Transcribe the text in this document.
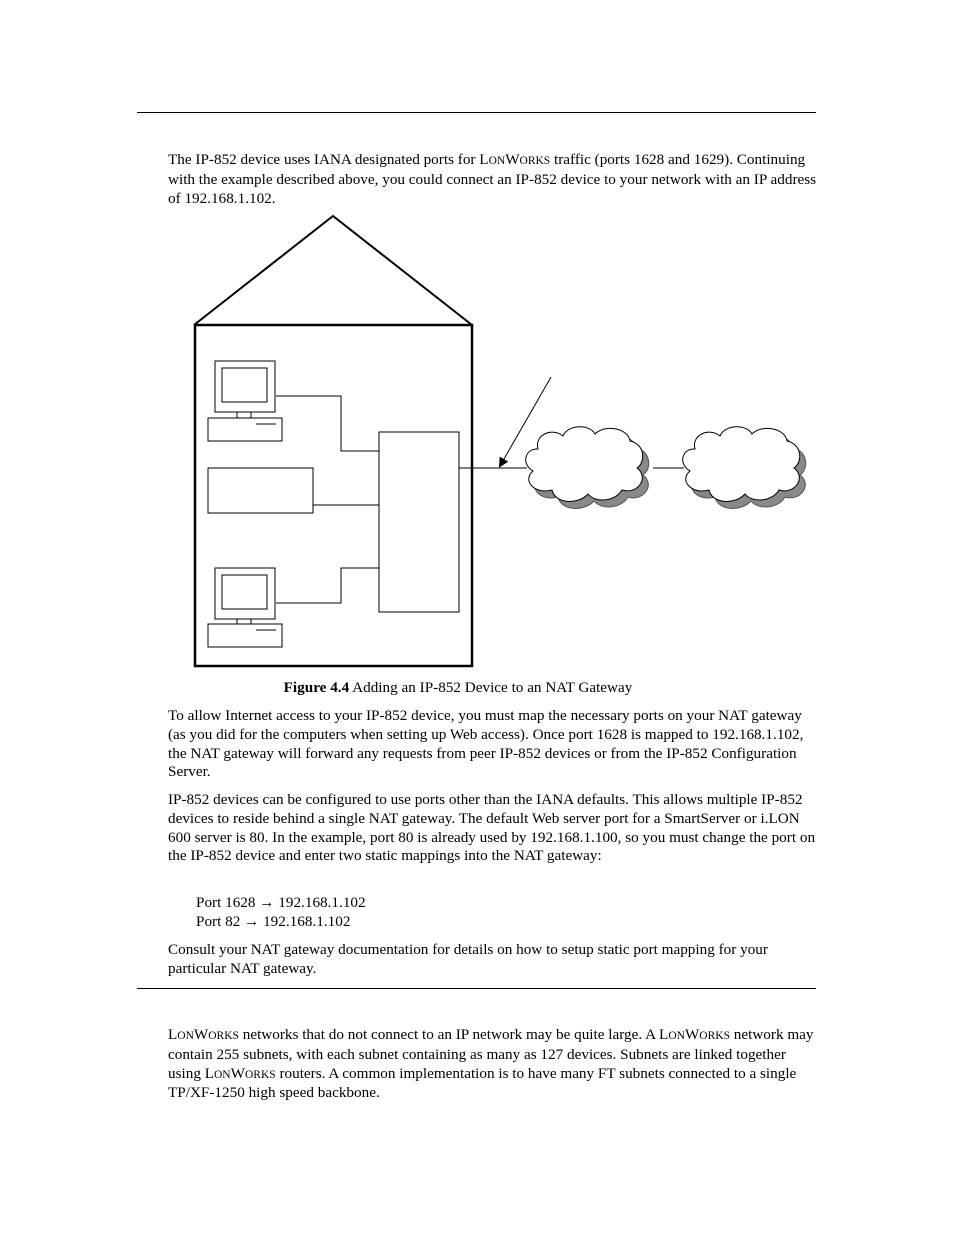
The IP-852 device uses IANA designated ports for LONWORKS traffic (ports 1628 and 1629). Continuing with the example described above, you could connect an IP-852 device to your network with an IP address of 192.168.1.102.

Figure 4.4 Adding an IP-852 Device to an NAT Gateway

To allow Internet access to your IP-852 device, you must map the necessary ports on your NAT gateway (as you did for the computers when setting up Web access). Once port 1628 is mapped to 192.168.1.102, the NAT gateway will forward any requests from peer IP-852 devices or from the IP-852 Configuration Server.

IP-852 devices can be configured to use ports other than the IANA defaults. This allows multiple IP-852 devices to reside behind a single NAT gateway. The default Web server port for a SmartServer or i.LON 600 server is 80. In the example, port 80 is already used by 192.168.1.100, so you must change the port on the IP-852 device and enter two static mappings into the NAT gateway:

Port 1628 → 192.168.1.102
Port 82 → 192.168.1.102

Consult your NAT gateway documentation for details on how to setup static port mapping for your particular NAT gateway.

LONWORKS networks that do not connect to an IP network may be quite large. A LONWORKS network may contain 255 subnets, with each subnet containing as many as 127 devices. Subnets are linked together using LONWORKS routers. A common implementation is to have many FT subnets connected to a single TP/XF-1250 high speed backbone.
